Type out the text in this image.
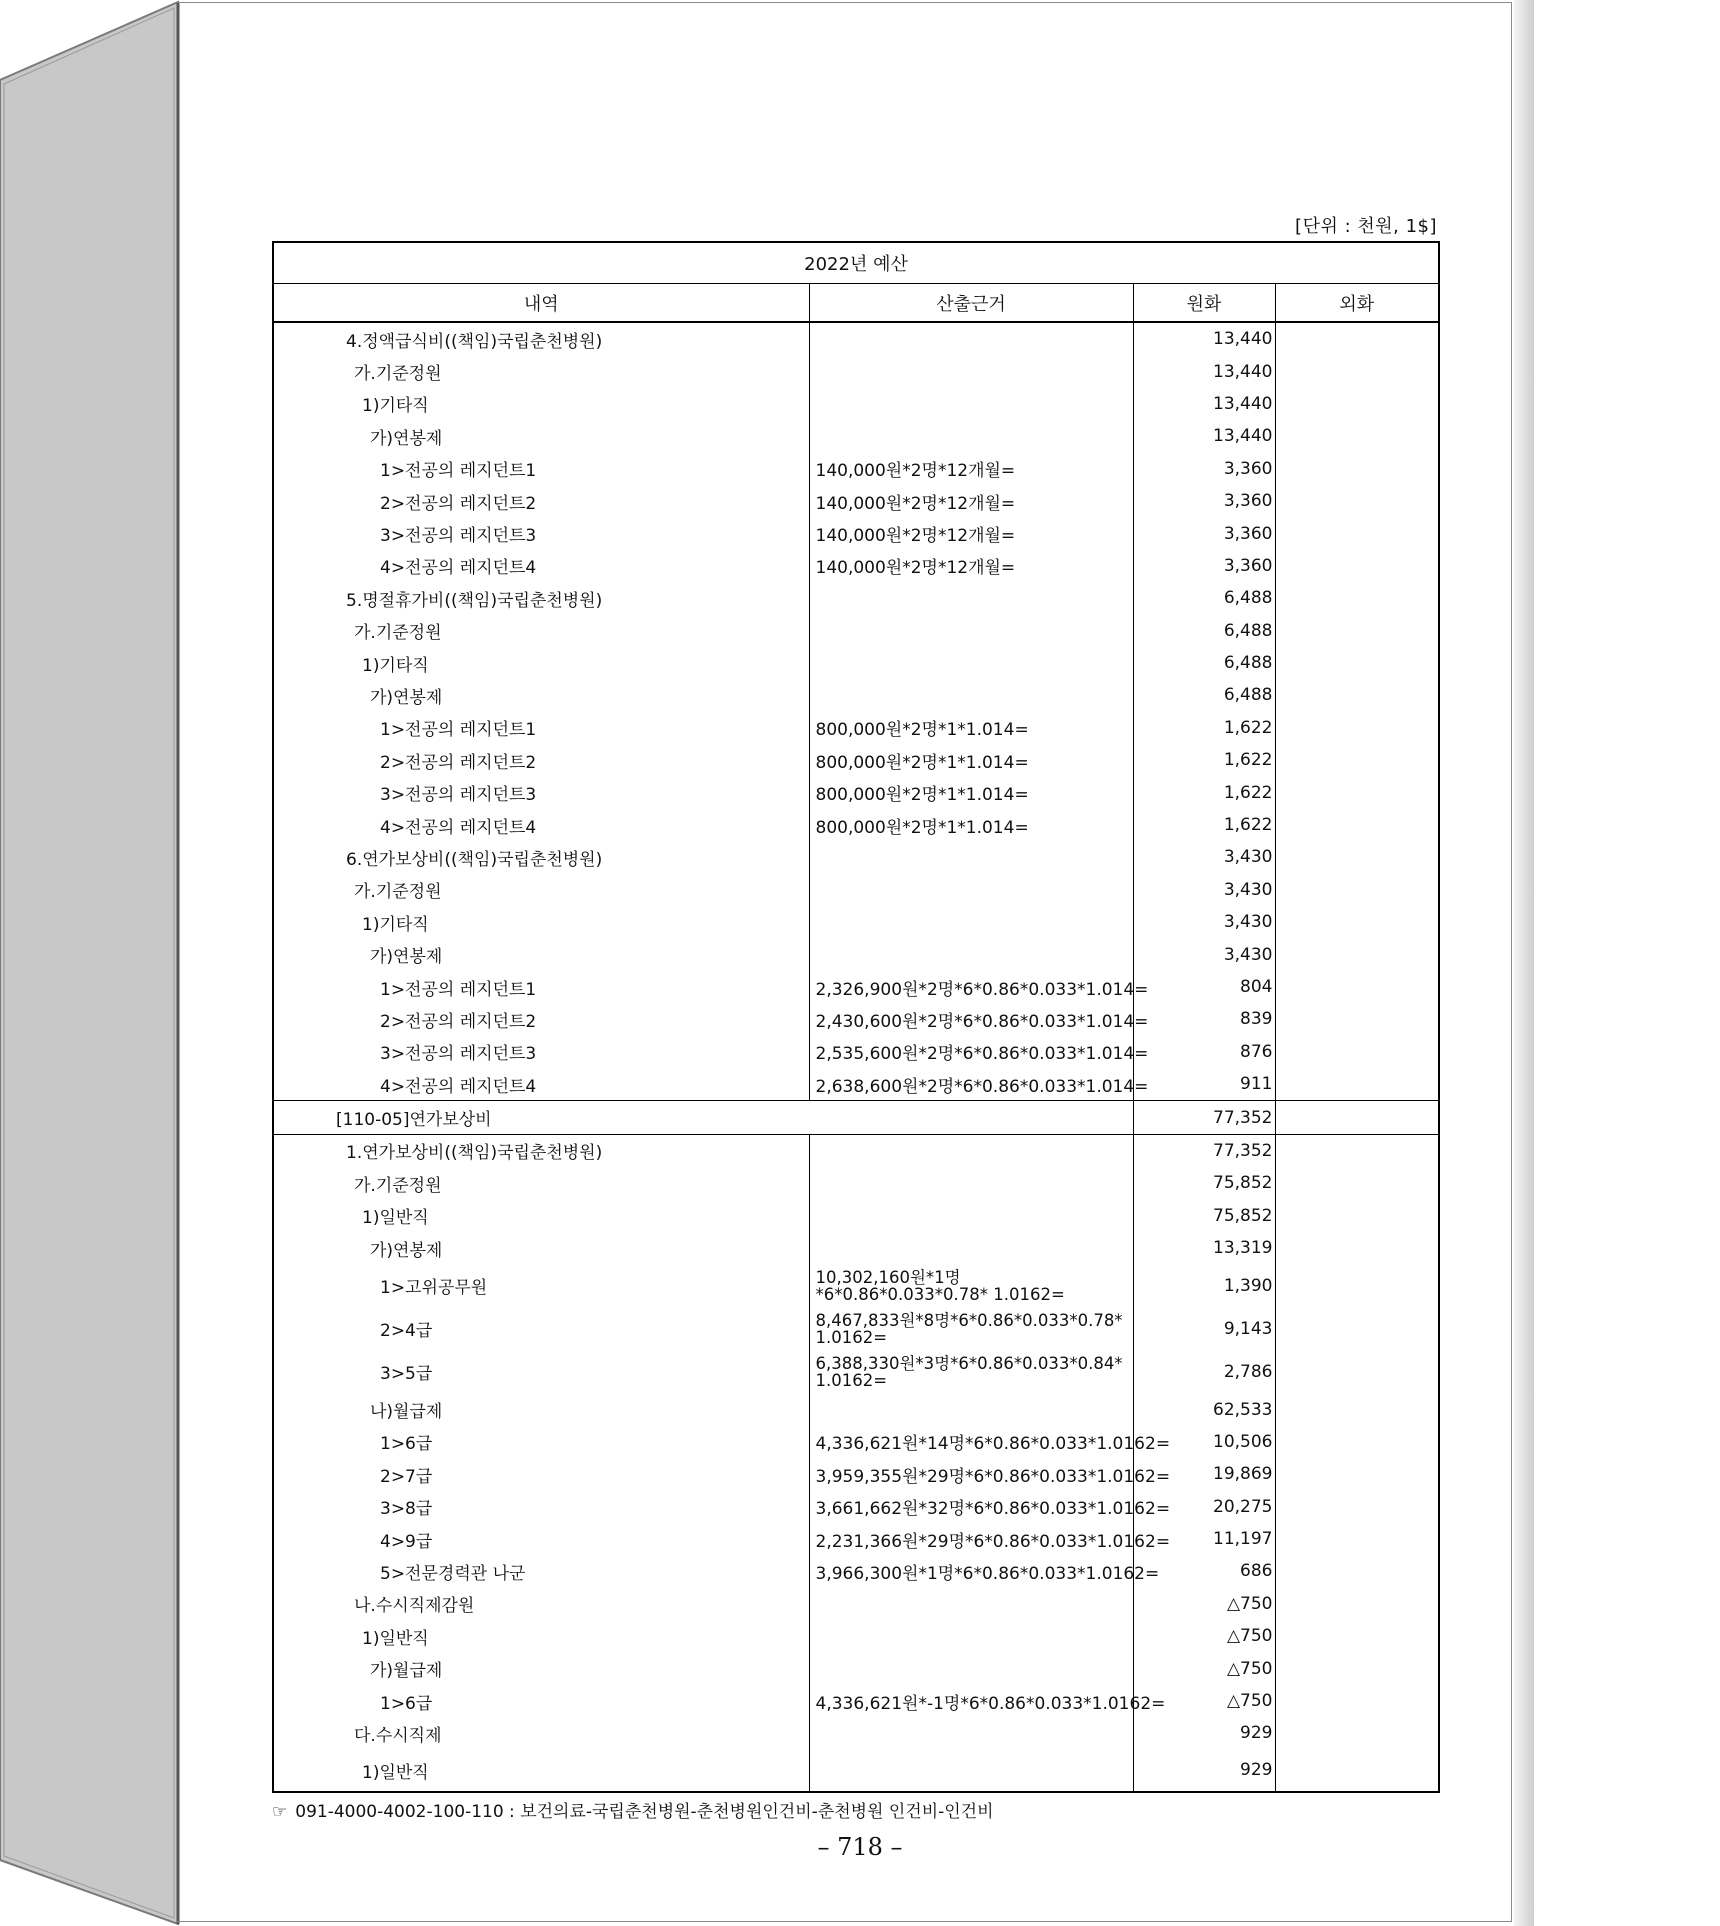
[단위 : 천원, 1$]
2022년 예산			
내역	산출근거	원화	외화
4.정액급식비((책임)국립춘천병원)		13,440	
가.기준정원		13,440	
1)기타직		13,440	
가)연봉제		13,440	
1>전공의 레지던트1	140,000원*2명*12개월=	3,360	
2>전공의 레지던트2	140,000원*2명*12개월=	3,360	
3>전공의 레지던트3	140,000원*2명*12개월=	3,360	
4>전공의 레지던트4	140,000원*2명*12개월=	3,360	
5.명절휴가비((책임)국립춘천병원)		6,488	
가.기준정원		6,488	
1)기타직		6,488	
가)연봉제		6,488	
1>전공의 레지던트1	800,000원*2명*1*1.014=	1,622	
2>전공의 레지던트2	800,000원*2명*1*1.014=	1,622	
3>전공의 레지던트3	800,000원*2명*1*1.014=	1,622	
4>전공의 레지던트4	800,000원*2명*1*1.014=	1,622	
6.연가보상비((책임)국립춘천병원)		3,430	
가.기준정원		3,430	
1)기타직		3,430	
가)연봉제		3,430	
1>전공의 레지던트1	2,326,900원*2명*6*0.86*0.033*1.014=	804	
2>전공의 레지던트2	2,430,600원*2명*6*0.86*0.033*1.014=	839	
3>전공의 레지던트3	2,535,600원*2명*6*0.86*0.033*1.014=	876	
4>전공의 레지던트4	2,638,600원*2명*6*0.86*0.033*1.014=	911	
[110-05]연가보상비		77,352	
1.연가보상비((책임)국립춘천병원)		77,352	
가.기준정원		75,852	
1)일반직		75,852	
가)연봉제		13,319	
1>고위공무원	10,302,160원*1명*6*0.86*0.033*0.78* 1.0162=	1,390	
2>4급	8,467,833원*8명*6*0.86*0.033*0.78* 1.0162=	9,143	
3>5급	6,388,330원*3명*6*0.86*0.033*0.84* 1.0162=	2,786	
나)월급제		62,533	
1>6급	4,336,621원*14명*6*0.86*0.033*1.0162=	10,506	
2>7급	3,959,355원*29명*6*0.86*0.033*1.0162=	19,869	
3>8급	3,661,662원*32명*6*0.86*0.033*1.0162=	20,275	
4>9급	2,231,366원*29명*6*0.86*0.033*1.0162=	11,197	
5>전문경력관 나군	3,966,300원*1명*6*0.86*0.033*1.0162=	686	
나.수시직제감원		△750	
1)일반직		△750	
가)월급제		△750	
1>6급	4,336,621원*-1명*6*0.86*0.033*1.0162=	△750	
다.수시직제		929	
1)일반직		929	
☞ 091-4000-4002-100-110 : 보건의료-국립춘천병원-춘천병원인건비-춘천병원 인건비-인건비
– 718 –
